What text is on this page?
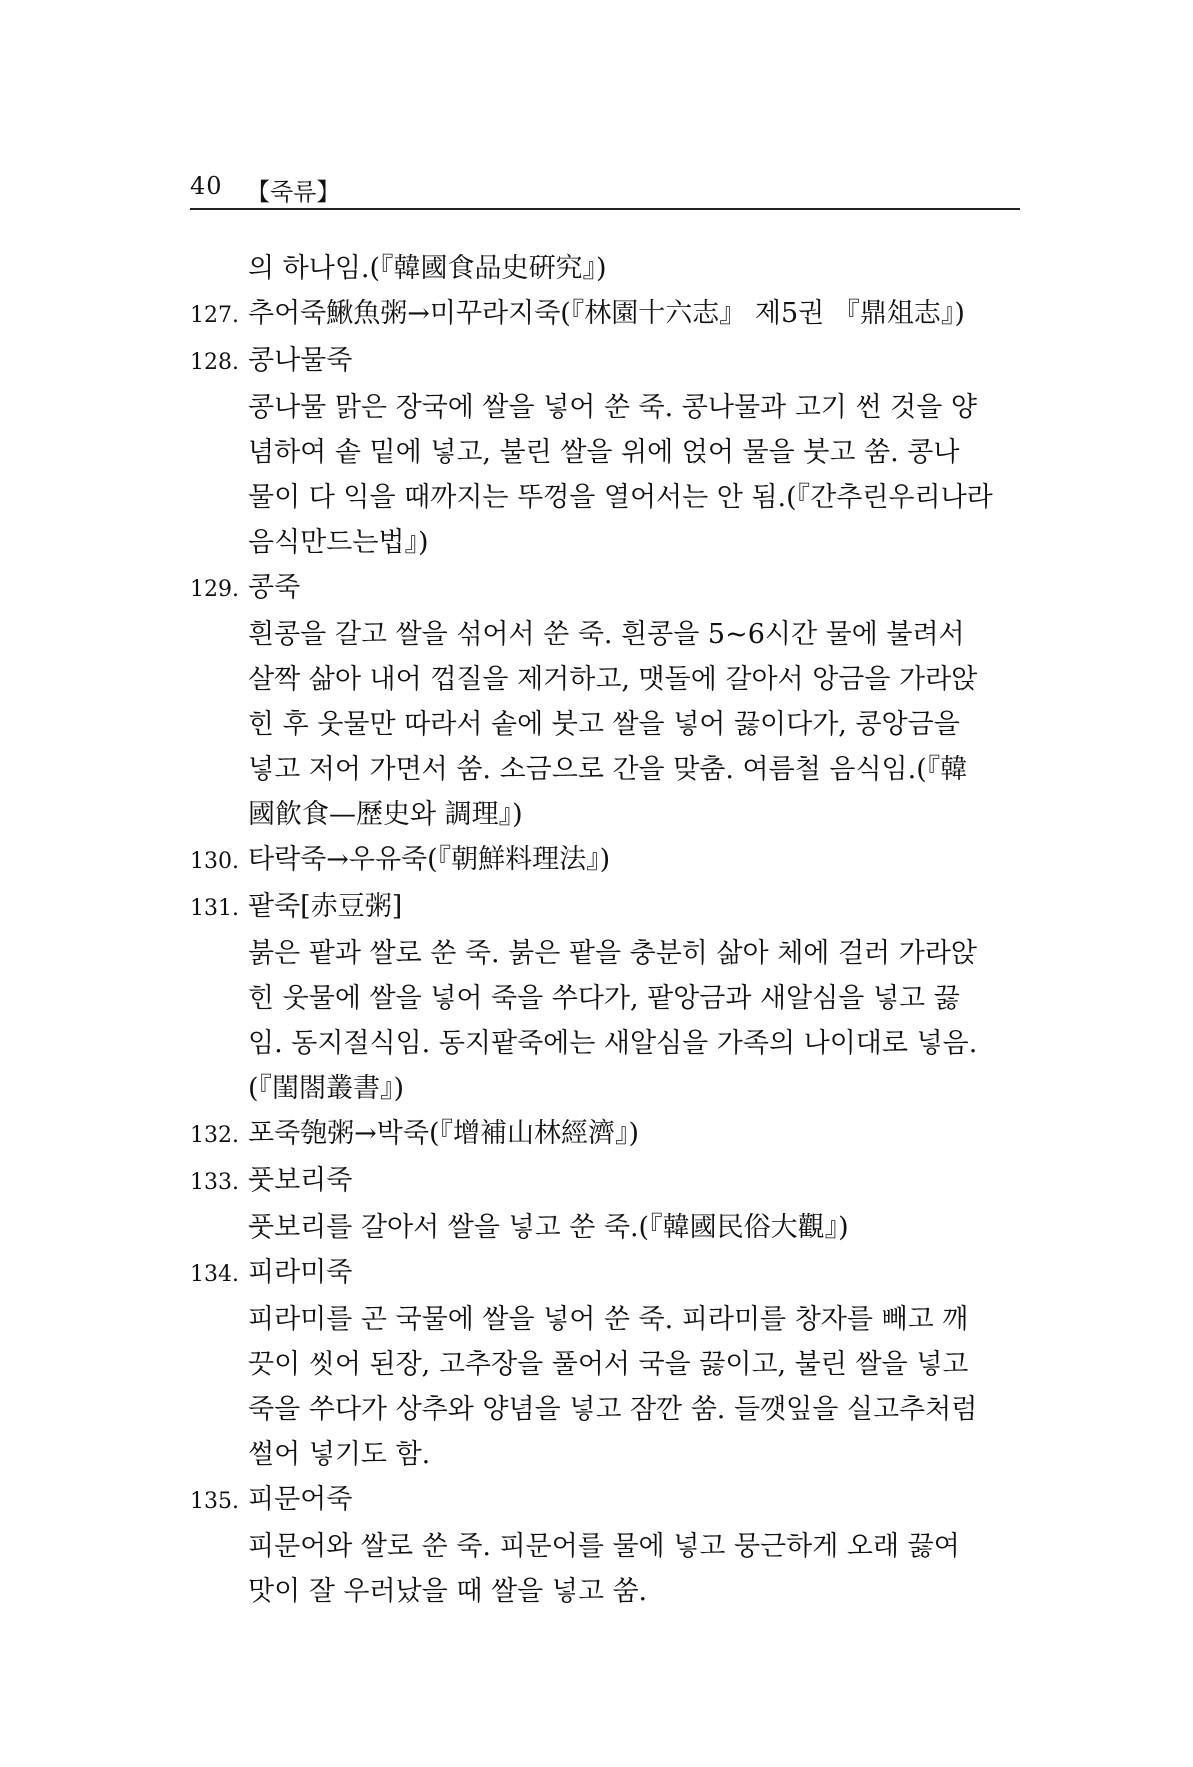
40 【죽류】
의 하나임.(『韓國食品史硏究』)
127. 추어죽鰍魚粥→미꾸라지죽(『林園十六志』 제5권 『鼎俎志』)
128. 콩나물죽
콩나물 맑은 장국에 쌀을 넣어 쑨 죽. 콩나물과 고기 썬 것을 양
념하여 솥 밑에 넣고, 불린 쌀을 위에 얹어 물을 붓고 쑴. 콩나
물이 다 익을 때까지는 뚜껑을 열어서는 안 됨.(『간추린우리나라
음식만드는법』)
129. 콩죽
흰콩을 갈고 쌀을 섞어서 쑨 죽. 흰콩을 5~6시간 물에 불려서
살짝 삶아 내어 껍질을 제거하고, 맷돌에 갈아서 앙금을 가라앉
힌 후 웃물만 따라서 솥에 붓고 쌀을 넣어 끓이다가, 콩앙금을
넣고 저어 가면서 쑴. 소금으로 간을 맞춤. 여름철 음식임.(『韓
國飮食—歷史와 調理』)
130. 타락죽→우유죽(『朝鮮料理法』)
131. 팥죽[赤豆粥]
붉은 팥과 쌀로 쑨 죽. 붉은 팥을 충분히 삶아 체에 걸러 가라앉
힌 웃물에 쌀을 넣어 죽을 쑤다가, 팥앙금과 새알심을 넣고 끓
임. 동지절식임. 동지팥죽에는 새알심을 가족의 나이대로 넣음.
(『閨閤叢書』)
132. 포죽匏粥→박죽(『增補山林經濟』)
133. 풋보리죽
풋보리를 갈아서 쌀을 넣고 쑨 죽.(『韓國民俗大觀』)
134. 피라미죽
피라미를 곤 국물에 쌀을 넣어 쑨 죽. 피라미를 창자를 빼고 깨
끗이 씻어 된장, 고추장을 풀어서 국을 끓이고, 불린 쌀을 넣고
죽을 쑤다가 상추와 양념을 넣고 잠깐 쑴. 들깻잎을 실고추처럼
썰어 넣기도 함.
135. 피문어죽
피문어와 쌀로 쑨 죽. 피문어를 물에 넣고 뭉근하게 오래 끓여
맛이 잘 우러났을 때 쌀을 넣고 쑴.
